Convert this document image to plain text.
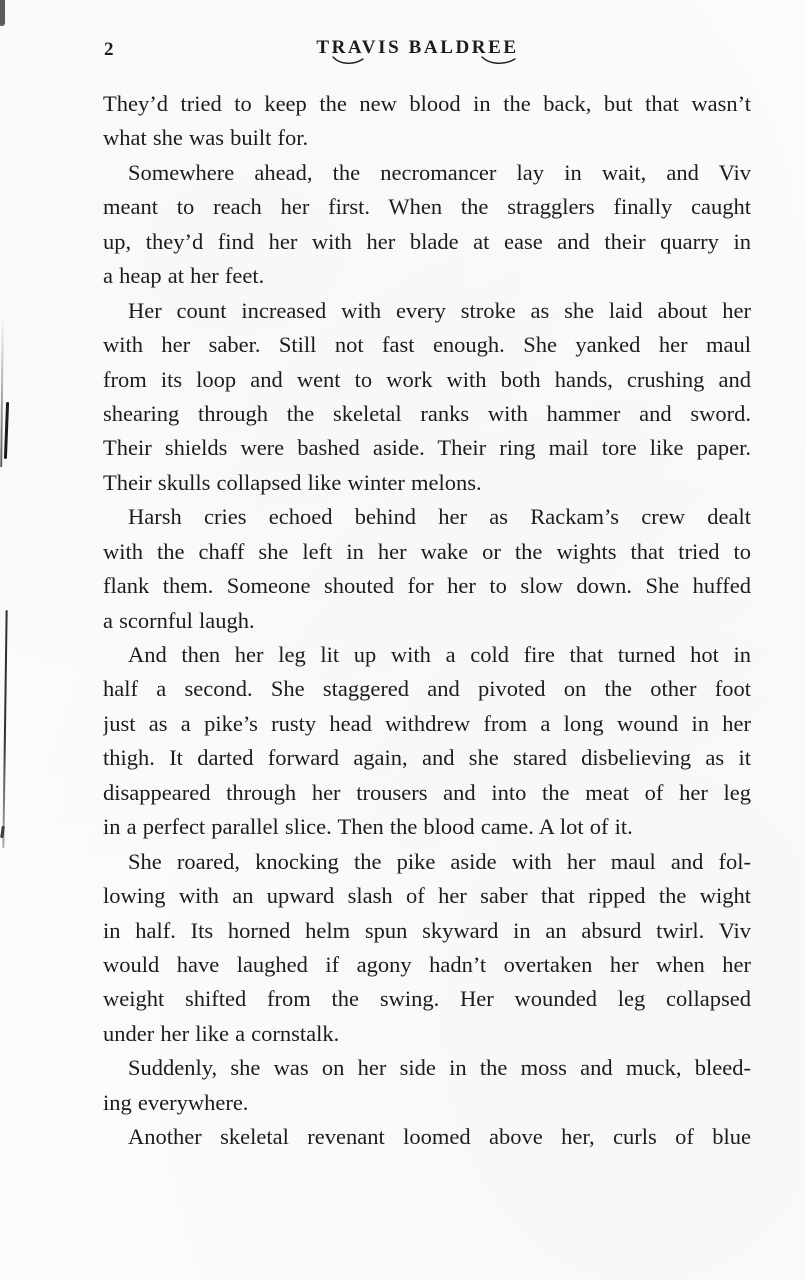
2	TRAVIS BALDREE
They’d tried to keep the new blood in the back, but that wasn’t
what she was built for.
Somewhere ahead, the necromancer lay in wait, and Viv
meant to reach her first. When the stragglers finally caught
up, they’d find her with her blade at ease and their quarry in
a heap at her feet.
Her count increased with every stroke as she laid about her
with her saber. Still not fast enough. She yanked her maul
from its loop and went to work with both hands, crushing and
shearing through the skeletal ranks with hammer and sword.
Their shields were bashed aside. Their ring mail tore like paper.
Their skulls collapsed like winter melons.
Harsh cries echoed behind her as Rackam’s crew dealt
with the chaff she left in her wake or the wights that tried to
flank them. Someone shouted for her to slow down. She huffed
a scornful laugh.
And then her leg lit up with a cold fire that turned hot in
half a second. She staggered and pivoted on the other foot
just as a pike’s rusty head withdrew from a long wound in her
thigh. It darted forward again, and she stared disbelieving as it
disappeared through her trousers and into the meat of her leg
in a perfect parallel slice. Then the blood came. A lot of it.
She roared, knocking the pike aside with her maul and fol-
lowing with an upward slash of her saber that ripped the wight
in half. Its horned helm spun skyward in an absurd twirl. Viv
would have laughed if agony hadn’t overtaken her when her
weight shifted from the swing. Her wounded leg collapsed
under her like a cornstalk.
Suddenly, she was on her side in the moss and muck, bleed-
ing everywhere.
Another skeletal revenant loomed above her, curls of blue
